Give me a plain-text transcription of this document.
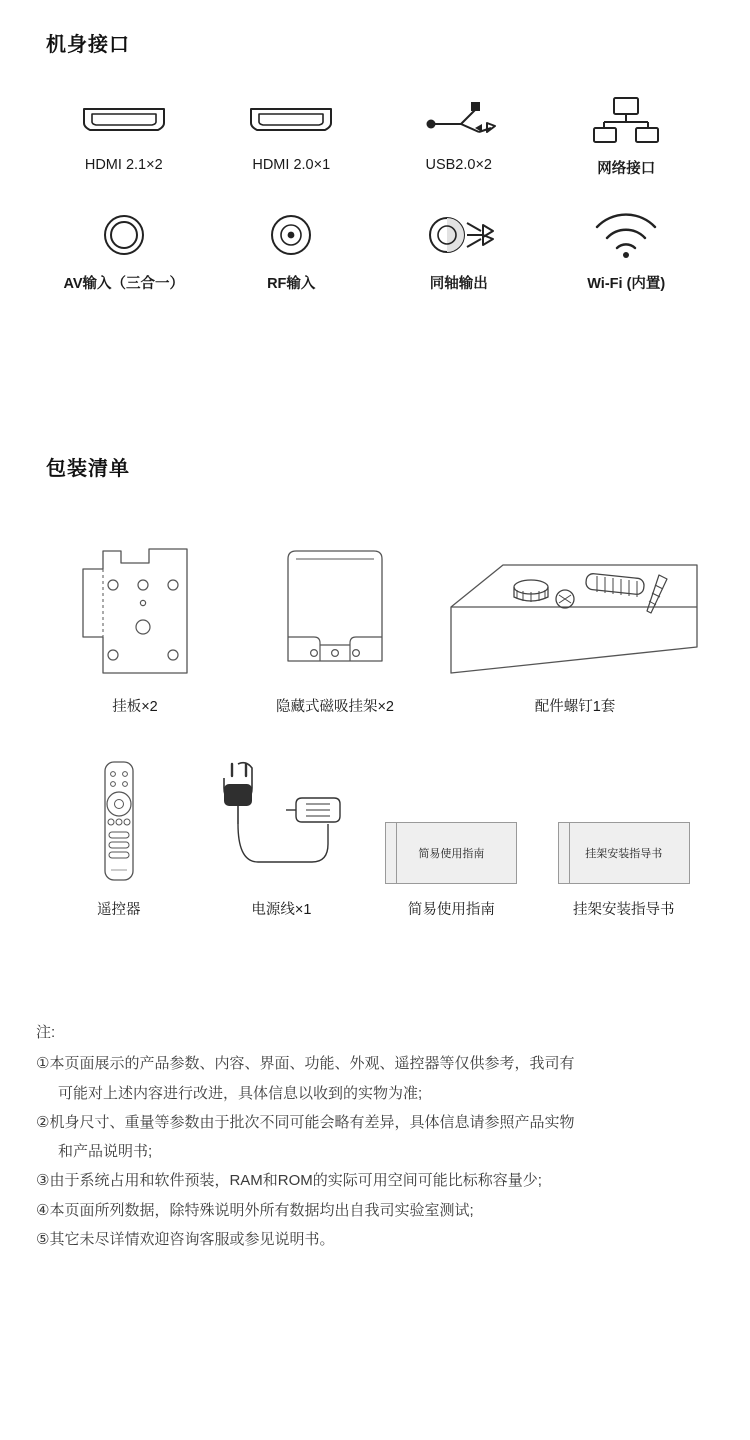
机身接口
HDMI 2.1×2	HDMI 2.0×1	USB2.0×2	网络接口
AV输入（三合一）	RF输入	同轴输出	Wi-Fi (内置)
包装清单
挂板×2	隐藏式磁吸挂架×2	配件螺钉1套
遥控器	电源线×1
简易使用指南
简易使用指南
挂架安装指导书
挂架安装指导书
注:
①本页面展示的产品参数、内容、界面、功能、外观、遥控器等仅供参考，我司有
可能对上述内容进行改进，具体信息以收到的实物为准;
②机身尺寸、重量等参数由于批次不同可能会略有差异，具体信息请参照产品实物
和产品说明书;
③由于系统占用和软件预装，RAM和ROM的实际可用空间可能比标称容量少;
④本页面所列数据，除特殊说明外所有数据均出自我司实验室测试;
⑤其它未尽详情欢迎咨询客服或参见说明书。
